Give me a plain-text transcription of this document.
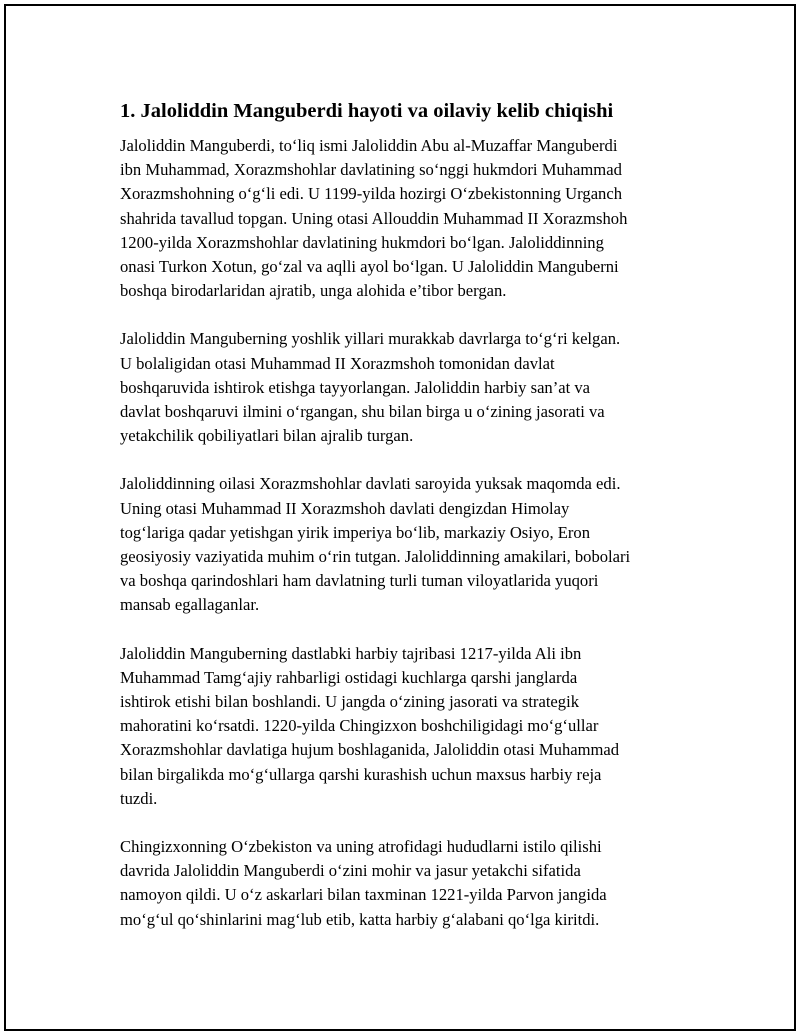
1. Jaloliddin Manguberdi hayoti va oilaviy kelib chiqishi
Jaloliddin Manguberdi, to‘liq ismi Jaloliddin Abu al-Muzaffar Manguberdi
ibn Muhammad, Xorazmshohlar davlatining so‘nggi hukmdori Muhammad
Xorazmshohning o‘g‘li edi. U 1199-yilda hozirgi O‘zbekistonning Urganch
shahrida tavallud topgan. Uning otasi Allouddin Muhammad II Xorazmshoh
1200-yilda Xorazmshohlar davlatining hukmdori bo‘lgan. Jaloliddinning
onasi Turkon Xotun, go‘zal va aqlli ayol bo‘lgan. U Jaloliddin Manguberni
boshqa birodarlaridan ajratib, unga alohida e’tibor bergan.
Jaloliddin Manguberning yoshlik yillari murakkab davrlarga to‘g‘ri kelgan.
U bolaligidan otasi Muhammad II Xorazmshoh tomonidan davlat
boshqaruvida ishtirok etishga tayyorlangan. Jaloliddin harbiy san’at va
davlat boshqaruvi ilmini o‘rgangan, shu bilan birga u o‘zining jasorati va
yetakchilik qobiliyatlari bilan ajralib turgan.
Jaloliddinning oilasi Xorazmshohlar davlati saroyida yuksak maqomda edi.
Uning otasi Muhammad II Xorazmshoh davlati dengizdan Himolay
tog‘lariga qadar yetishgan yirik imperiya bo‘lib, markaziy Osiyo, Eron
geosiyosiy vaziyatida muhim o‘rin tutgan. Jaloliddinning amakilari, bobolari
va boshqa qarindoshlari ham davlatning turli tuman viloyatlarida yuqori
mansab egallaganlar.
Jaloliddin Manguberning dastlabki harbiy tajribasi 1217-yilda Ali ibn
Muhammad Tamg‘ajiy rahbarligi ostidagi kuchlarga qarshi janglarda
ishtirok etishi bilan boshlandi. U jangda o‘zining jasorati va strategik
mahoratini ko‘rsatdi. 1220-yilda Chingizxon boshchiligidagi mo‘g‘ullar
Xorazmshohlar davlatiga hujum boshlaganida, Jaloliddin otasi Muhammad
bilan birgalikda mo‘g‘ullarga qarshi kurashish uchun maxsus harbiy reja
tuzdi.
Chingizxonning O‘zbekiston va uning atrofidagi hududlarni istilo qilishi
davrida Jaloliddin Manguberdi o‘zini mohir va jasur yetakchi sifatida
namoyon qildi. U o‘z askarlari bilan taxminan 1221-yilda Parvon jangida
mo‘g‘ul qo‘shinlarini mag‘lub etib, katta harbiy g‘alabani qo‘lga kiritdi.
